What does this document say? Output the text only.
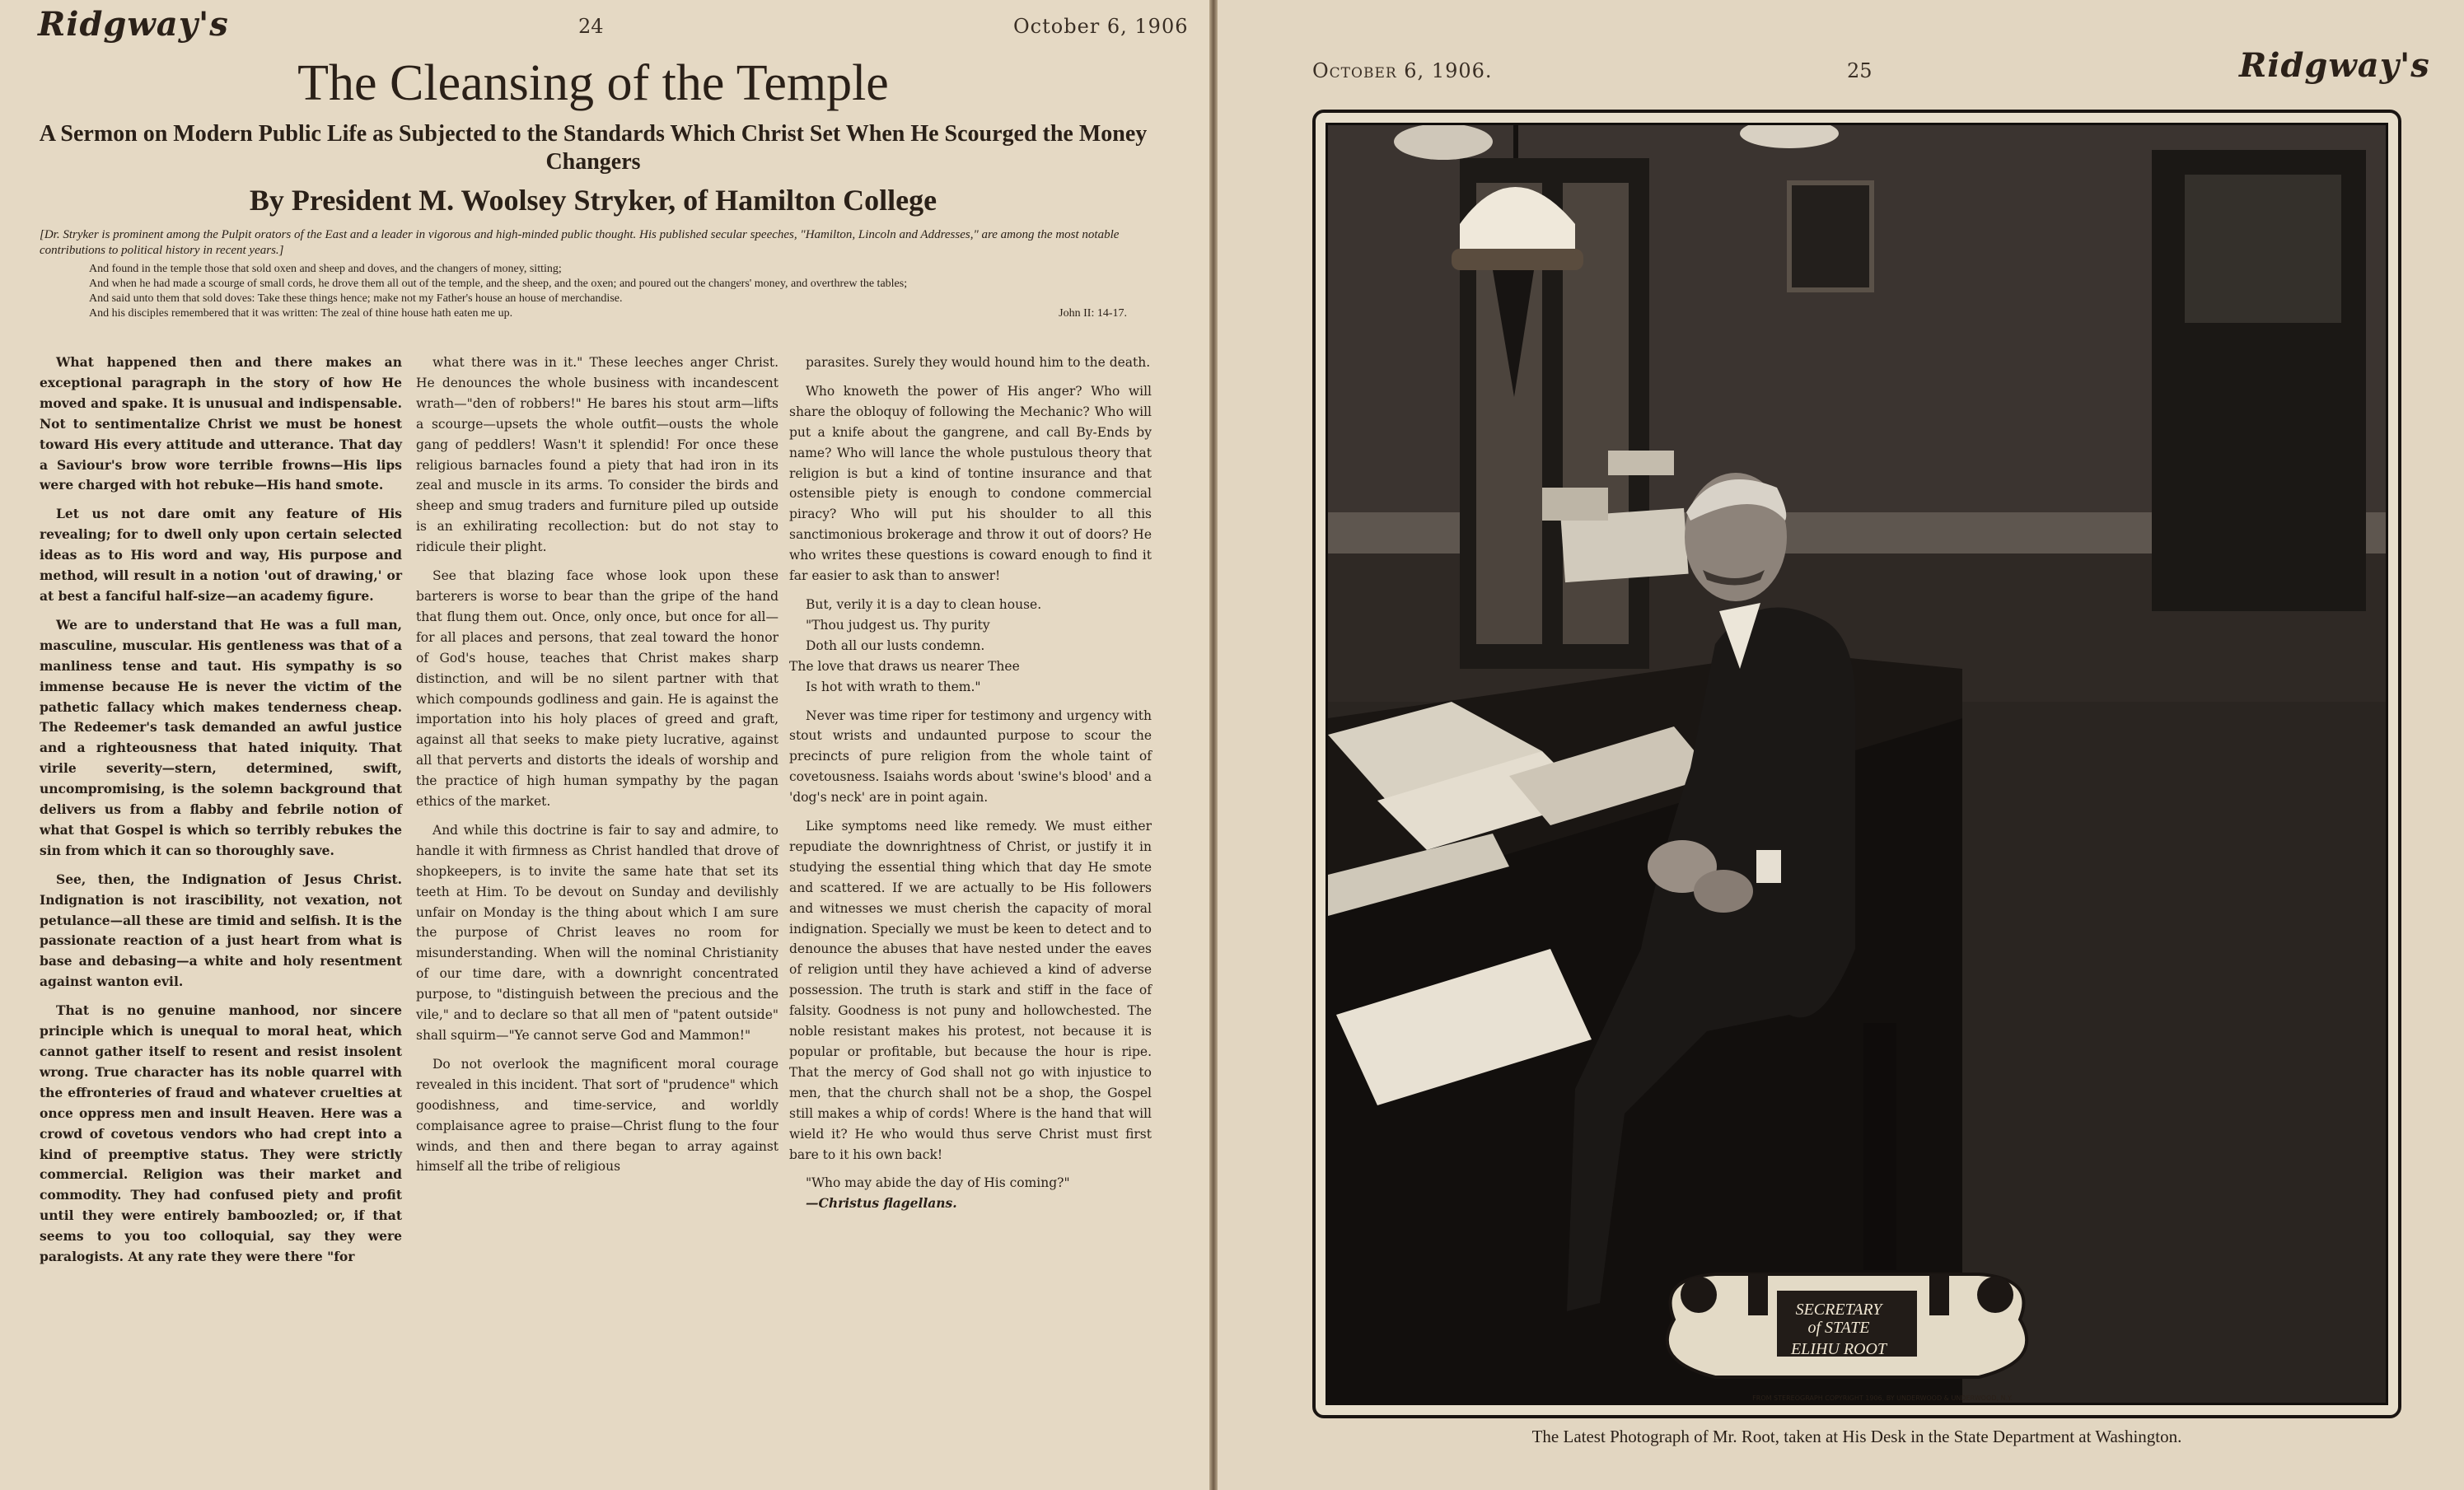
Ridgway's	24	October 6, 1906
The Cleansing of the Temple
A Sermon on Modern Public Life as Subjected to the Standards Which Christ Set When He Scourged the Money Changers
By President M. Woolsey Stryker, of Hamilton College
[Dr. Stryker is prominent among the Pulpit orators of the East and a leader in vigorous and high-minded public thought. His published secular speeches, "Hamilton, Lincoln and Addresses," are among the most notable contributions to political history in recent years.]

And found in the temple those that sold oxen and sheep and doves, and the changers of money, sitting;

And when he had made a scourge of small cords, he drove them all out of the temple, and the sheep, and the oxen; and poured out the changers' money, and overthrew the tables;

And said unto them that sold doves: Take these things hence; make not my Father's house an house of merchandise.

And his disciples remembered that it was written: The zeal of thine house hath eaten me up.	John II: 14-17.

What happened then and there makes an exceptional paragraph in the story of how He moved and spake. It is unusual and indispensable. Not to sentimentalize Christ we must be honest toward His every attitude and utterance. That day a Saviour's brow wore terrible frowns—His lips were charged with hot rebuke—His hand smote.

Let us not dare omit any feature of His revealing; for to dwell only upon certain selected ideas as to His word and way, His purpose and method, will result in a notion 'out of drawing,' or at best a fanciful half-size—an academy figure.

We are to understand that He was a full man, masculine, muscular. His gentleness was that of a manliness tense and taut. His sympathy is so immense because He is never the victim of the pathetic fallacy which makes tenderness cheap. The Redeemer's task demanded an awful justice and a righteousness that hated iniquity. That virile severity—stern, determined, swift, uncompromising, is the solemn background that delivers us from a flabby and febrile notion of what that Gospel is which so terribly rebukes the sin from which it can so thoroughly save.

See, then, the Indignation of Jesus Christ. Indignation is not irascibility, not vexation, not petulance—all these are timid and selfish. It is the passionate reaction of a just heart from what is base and debasing—a white and holy resentment against wanton evil.

That is no genuine manhood, nor sincere principle which is unequal to moral heat, which cannot gather itself to resent and resist insolent wrong. True character has its noble quarrel with the effronteries of fraud and whatever cruelties at once oppress men and insult Heaven. Here was a crowd of covetous vendors who had crept into a kind of preemptive status. They were strictly commercial. Religion was their market and commodity. They had confused piety and profit until they were entirely bamboozled; or, if that seems to you too colloquial, say they were paralogists. At any rate they were there "for

what there was in it." These leeches anger Christ. He denounces the whole business with incandescent wrath—"den of robbers!" He bares his stout arm—lifts a scourge—upsets the whole outfit—ousts the whole gang of peddlers! Wasn't it splendid! For once these religious barnacles found a piety that had iron in its zeal and muscle in its arms. To consider the birds and sheep and smug traders and furniture piled up outside is an exhilirating recollection: but do not stay to ridicule their plight.

See that blazing face whose look upon these barterers is worse to bear than the gripe of the hand that flung them out. Once, only once, but once for all—for all places and persons, that zeal toward the honor of God's house, teaches that Christ makes sharp distinction, and will be no silent partner with that which compounds godliness and gain. He is against the importation into his holy places of greed and graft, against all that seeks to make piety lucrative, against all that perverts and distorts the ideals of worship and the practice of high human sympathy by the pagan ethics of the market.

And while this doctrine is fair to say and admire, to handle it with firmness as Christ handled that drove of shopkeepers, is to invite the same hate that set its teeth at Him. To be devout on Sunday and devilishly unfair on Monday is the thing about which I am sure the purpose of Christ leaves no room for misunderstanding. When will the nominal Christianity of our time dare, with a downright concentrated purpose, to "distinguish between the precious and the vile," and to declare so that all men of "patent outside" shall squirm—"Ye cannot serve God and Mammon!"

Do not overlook the magnificent moral courage revealed in this incident. That sort of "prudence" which goodishness, and time-service, and worldly complaisance agree to praise—Christ flung to the four winds, and then and there began to array against himself all the tribe of religious

parasites. Surely they would hound him to the death.

Who knoweth the power of His anger? Who will share the obloquy of following the Mechanic? Who will put a knife about the gangrene, and call By-Ends by name? Who will lance the whole pustulous theory that religion is but a kind of tontine insurance and that ostensible piety is enough to condone commercial piracy? Who will put his shoulder to all this sanctimonious brokerage and throw it out of doors? He who writes these questions is coward enough to find it far easier to ask than to answer!

But, verily it is a day to clean house.

"Thou judgest us. Thy purity

Doth all our lusts condemn.

The love that draws us nearer Thee

Is hot with wrath to them."

Never was time riper for testimony and urgency with stout wrists and undaunted purpose to scour the precincts of pure religion from the whole taint of covetousness. Isaiahs words about 'swine's blood' and a 'dog's neck' are in point again.

Like symptoms need like remedy. We must either repudiate the downrightness of Christ, or justify it in studying the essential thing which that day He smote and scattered. If we are actually to be His followers and witnesses we must cherish the capacity of moral indignation. Specially we must be keen to detect and to denounce the abuses that have nested under the eaves of religion until they have achieved a kind of adverse possession. The truth is stark and stiff in the face of falsity. Goodness is not puny and hollowchested. The noble resistant makes his protest, not because it is popular or profitable, but because the hour is ripe. That the mercy of God shall not go with injustice to men, that the church shall not be a shop, the Gospel still makes a whip of cords! Where is the hand that will wield it? He who would thus serve Christ must first bare to it his own back!

"Who may abide the day of His coming?"

—Christus flagellans.

October 6, 1906.	25	Ridgway's
SECRETARY of STATE
ELIHU ROOT
FROM STEREOGRAPH COPYRIGHT 1906, BY UNDERWOOD & UNDERWOOD, N.Y.
The Latest Photograph of Mr. Root, taken at His Desk in the State Department at Washington.
